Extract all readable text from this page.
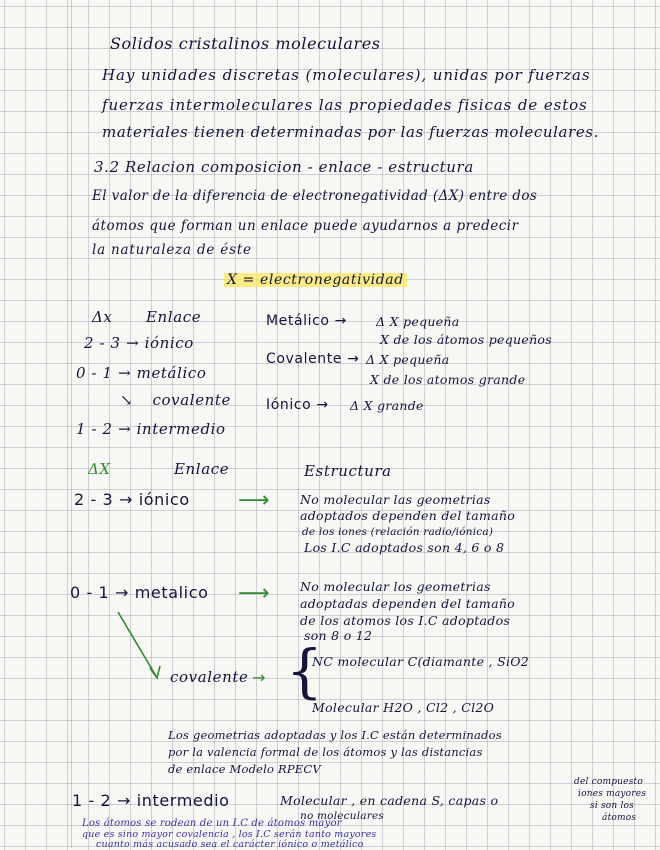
Solidos cristalinos moleculares
Hay unidades discretas (moleculares), unidas por fuerzas
fuerzas intermoleculares las propiedades fisicas de estos
materiales tienen determinadas por las fuerzas moleculares.
3.2 Relacion composicion - enlace - estructura
El valor de la diferencia de electronegatividad (ΔX) entre dos
átomos que forman un enlace puede ayudarnos a predecir
la naturaleza de éste
X = electronegatividad
Δx Enlace
2 - 3 → iónico
0 - 1 → metálico
↘ covalente
1 - 2 → intermedio
Metálico → Δ X pequeña
X de los átomos pequeños
Covalente → Δ X pequeña
X de los atomos grande
Iónico → Δ X grande
ΔX	Enlace	Estructura
2 - 3 → iónico ⟶ No molecular las geometrias
adoptados dependen del tamaño
de los iones (relación radio/iónica)
Los I.C adoptados son 4, 6 o 8
0 - 1 → metalico ⟶ No molecular los geometrias
adoptadas dependen del tamaño
de los atomos los I.C adoptados
son 8 o 12
covalente → {
NC molecular C(diamante , SiO2
Molecular H2O , Cl2 , Cl2O
Los geometrias adoptadas y los I.C están determinados
por la valencia formal de los átomos y las distancias
de enlace Modelo RPECV
1 - 2 → intermedio	Molecular , en cadena S, capas o
no moleculares
del compuesto
iones mayores
si son los
átomos
Los átomos se rodean de un I.C de átomos mayor
que es sino mayor covalencia , los I.C serán tanto mayores
cuanto más acusado sea el carácter iónico o metálico
